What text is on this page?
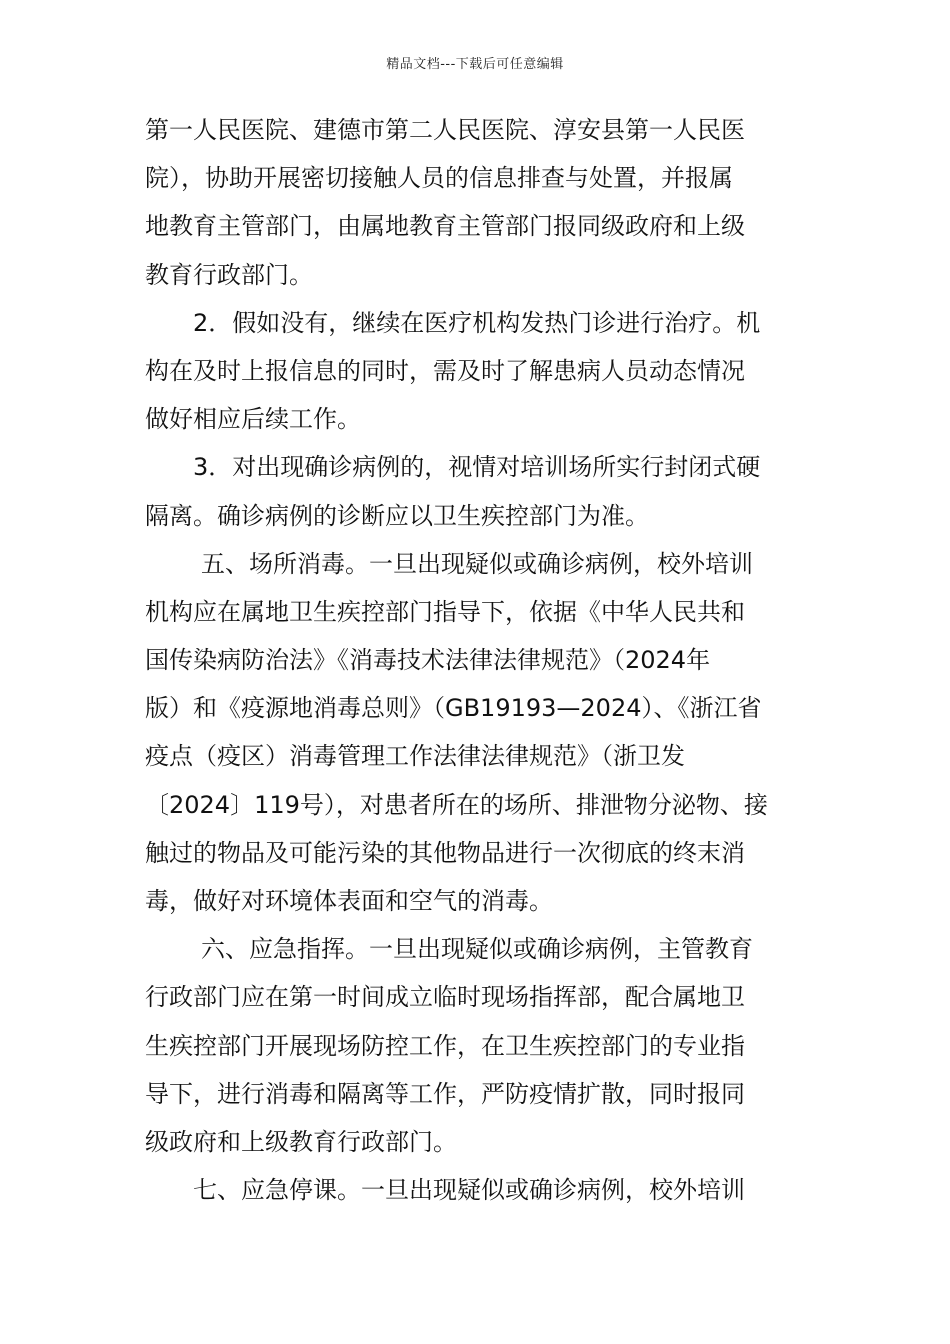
精品文档---下载后可任意编辑
第一人民医院、建德市第二人民医院、淳安县第一人民医
院），协助开展密切接触人员的信息排查与处置，并报属
地教育主管部门，由属地教育主管部门报同级政府和上级
教育行政部门。
2．假如没有，继续在医疗机构发热门诊进行治疗。机
构在及时上报信息的同时，需及时了解患病人员动态情况
做好相应后续工作。
3．对出现确诊病例的，视情对培训场所实行封闭式硬
隔离。确诊病例的诊断应以卫生疾控部门为准。
五、场所消毒。一旦出现疑似或确诊病例，校外培训
机构应在属地卫生疾控部门指导下，依据《中华人民共和
国传染病防治法》《消毒技术法律法律规范》（2024年
版）和《疫源地消毒总则》（GB19193—2024）、《浙江省
疫点（疫区）消毒管理工作法律法律规范》（浙卫发
〔2024〕119号），对患者所在的场所、排泄物分泌物、接
触过的物品及可能污染的其他物品进行一次彻底的终末消
毒，做好对环境体表面和空气的消毒。
六、应急指挥。一旦出现疑似或确诊病例，主管教育
行政部门应在第一时间成立临时现场指挥部，配合属地卫
生疾控部门开展现场防控工作，在卫生疾控部门的专业指
导下，进行消毒和隔离等工作，严防疫情扩散，同时报同
级政府和上级教育行政部门。
七、应急停课。一旦出现疑似或确诊病例，校外培训
